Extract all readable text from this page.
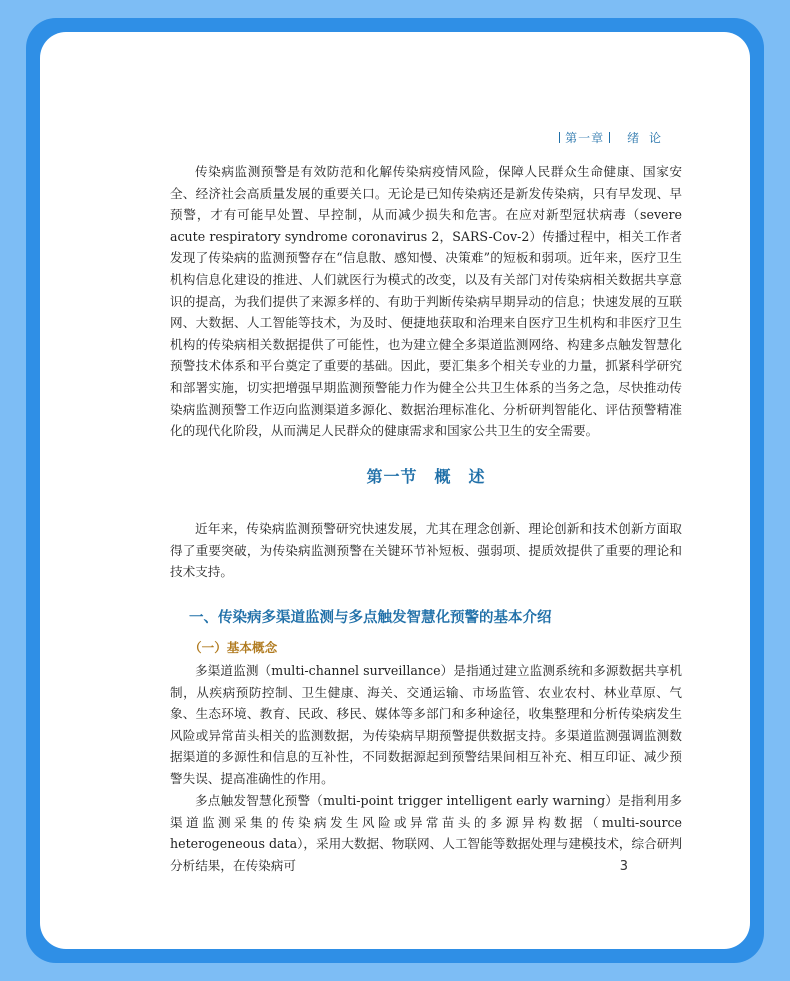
第一章 绪 论

传染病监测预警是有效防范和化解传染病疫情风险，保障人民群众生命健康、国家安全、经济社会高质量发展的重要关口。无论是已知传染病还是新发传染病，只有早发现、早预警，才有可能早处置、早控制，从而减少损失和危害。在应对新型冠状病毒（severe acute respiratory syndrome coronavirus 2，SARS-Cov-2）传播过程中，相关工作者发现了传染病的监测预警存在“信息散、感知慢、决策难”的短板和弱项。近年来，医疗卫生机构信息化建设的推进、人们就医行为模式的改变，以及有关部门对传染病相关数据共享意识的提高，为我们提供了来源多样的、有助于判断传染病早期异动的信息；快速发展的互联网、大数据、人工智能等技术，为及时、便捷地获取和治理来自医疗卫生机构和非医疗卫生机构的传染病相关数据提供了可能性，也为建立健全多渠道监测网络、构建多点触发智慧化预警技术体系和平台奠定了重要的基础。因此，要汇集多个相关专业的力量，抓紧科学研究和部署实施，切实把增强早期监测预警能力作为健全公共卫生体系的当务之急，尽快推动传染病监测预警工作迈向监测渠道多源化、数据治理标准化、分析研判智能化、评估预警精准化的现代化阶段，从而满足人民群众的健康需求和国家公共卫生的安全需要。

第一节　概　述

近年来，传染病监测预警研究快速发展，尤其在理念创新、理论创新和技术创新方面取得了重要突破，为传染病监测预警在关键环节补短板、强弱项、提质效提供了重要的理论和技术支持。

一、传染病多渠道监测与多点触发智慧化预警的基本介绍
（一）基本概念

多渠道监测（multi-channel surveillance）是指通过建立监测系统和多源数据共享机制，从疾病预防控制、卫生健康、海关、交通运输、市场监管、农业农村、林业草原、气象、生态环境、教育、民政、移民、媒体等多部门和多种途径，收集整理和分析传染病发生风险或异常苗头相关的监测数据，为传染病早期预警提供数据支持。多渠道监测强调监测数据渠道的多源性和信息的互补性，不同数据源起到预警结果间相互补充、相互印证、减少预警失误、提高准确性的作用。

多点触发智慧化预警（multi-point trigger intelligent early warning）是指利用多渠道监测采集的传染病发生风险或异常苗头的多源异构数据（multi-source heterogeneous data），采用大数据、物联网、人工智能等数据处理与建模技术，综合研判分析结果，在传染病可	3
